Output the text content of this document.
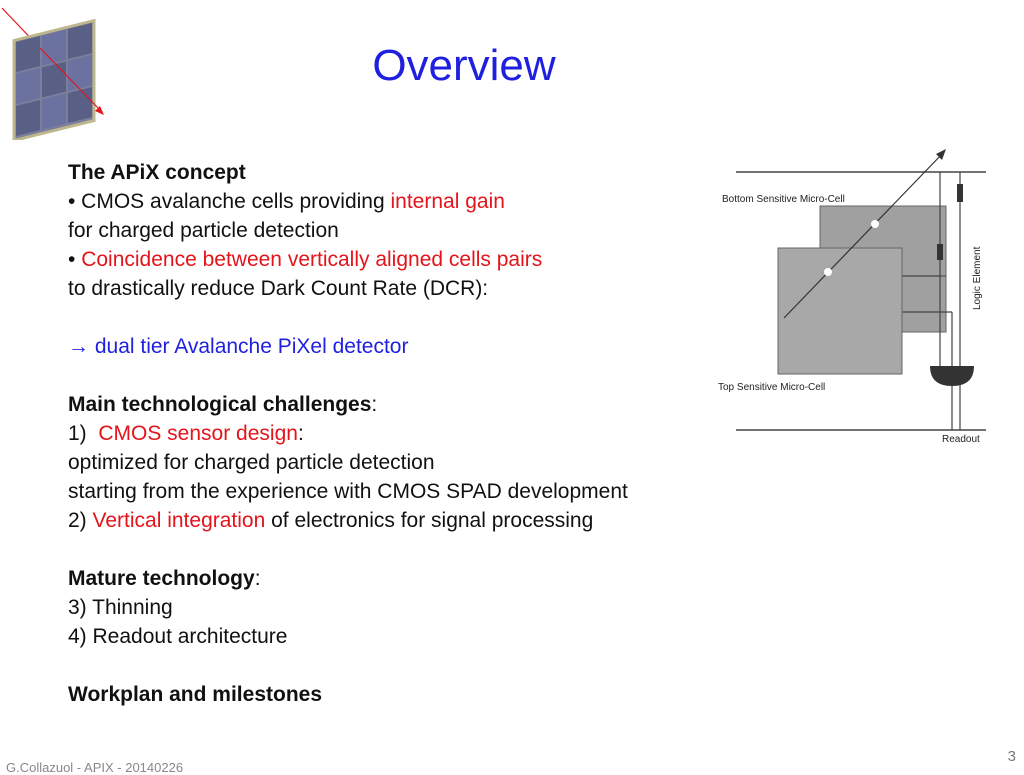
Overview
The APiX concept
• CMOS avalanche cells providing internal gain
for charged particle detection
• Coincidence between vertically aligned cells pairs
to drastically reduce Dark Count Rate (DCR):
→ dual tier Avalanche PiXel detector
Main technological challenges:
1)  CMOS sensor design:
optimized for charged particle detection
starting from the experience with CMOS SPAD development
2) Vertical integration of electronics for signal processing
Mature technology:
3) Thinning
4) Readout architecture
Workplan and milestones
Bottom Sensitive Micro-Cell
Top Sensitive Micro-Cell
Logic Element
Readout
3
G.Collazuol - APIX - 20140226
